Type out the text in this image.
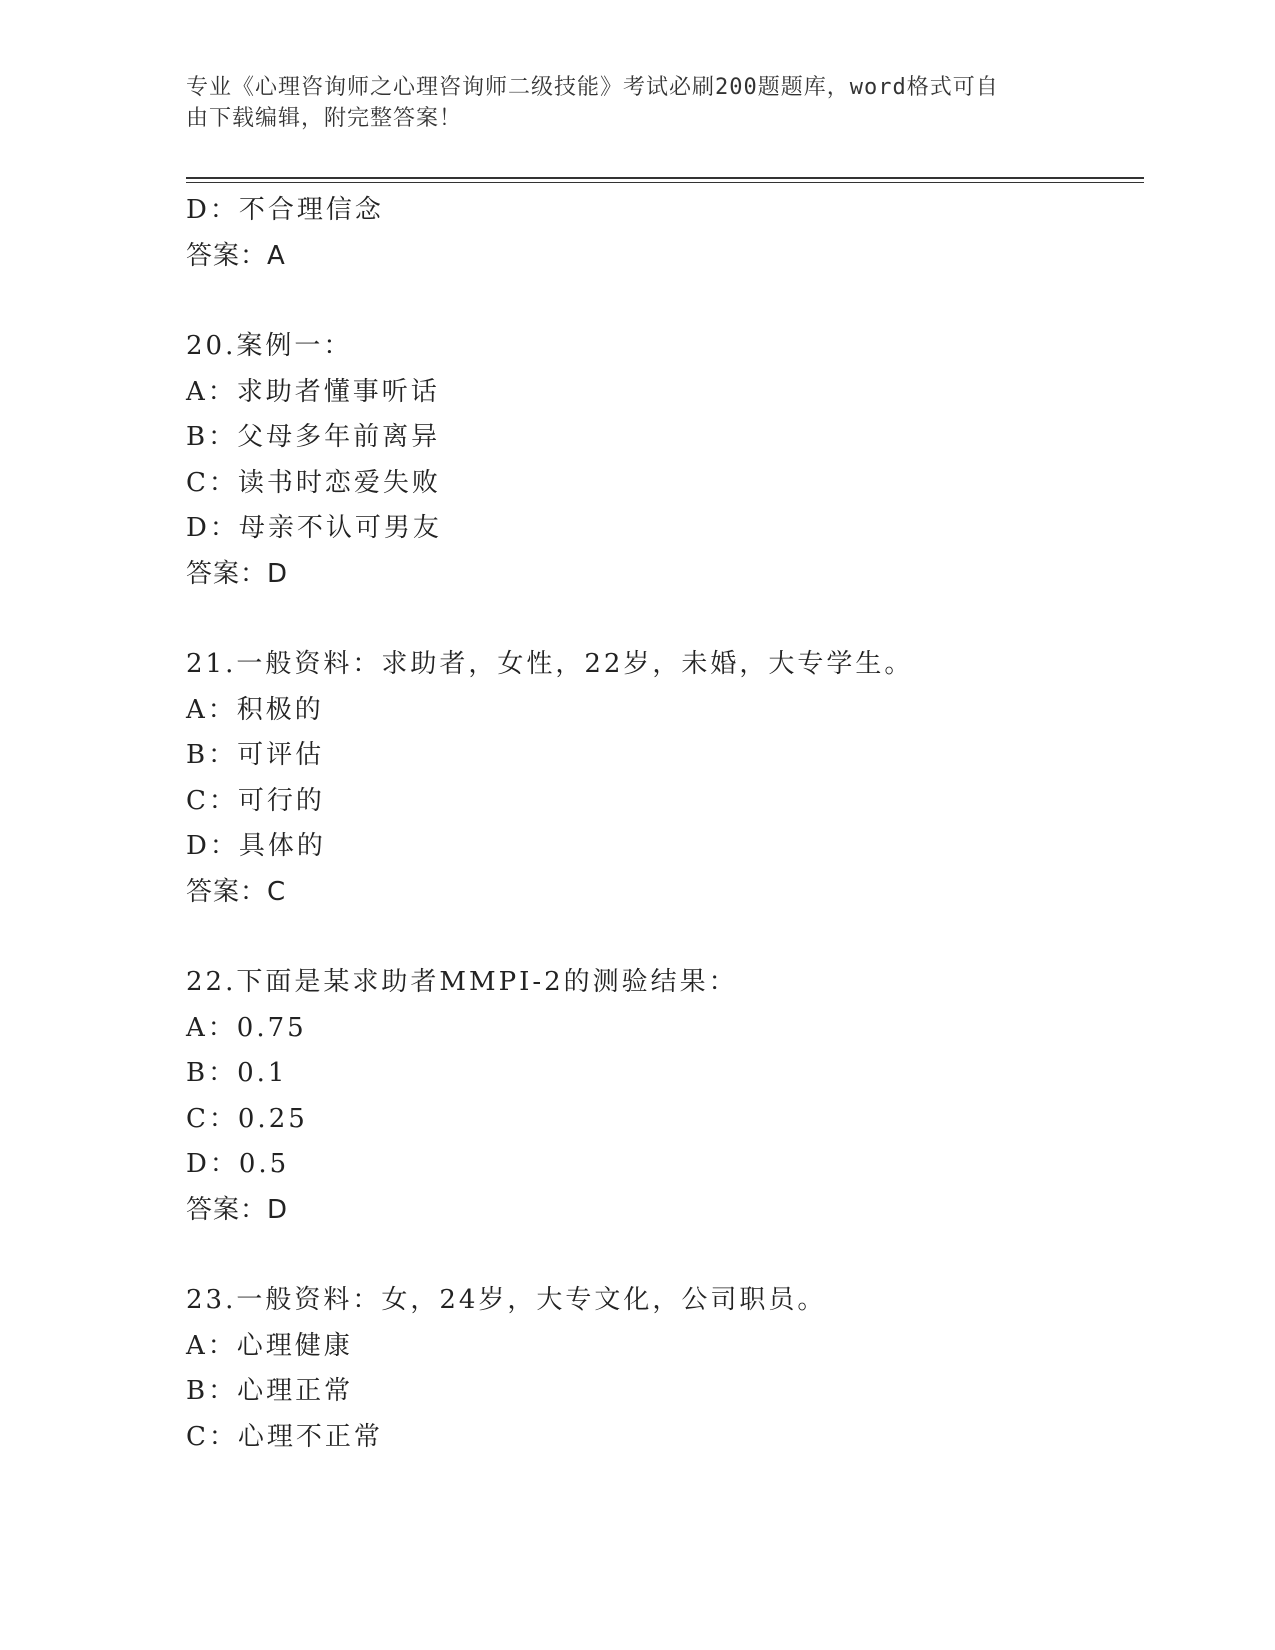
专业《心理咨询师之心理咨询师二级技能》考试必刷200题题库，word格式可自
由下载编辑，附完整答案！
D：不合理信念
答案：A
20.案例一：
A：求助者懂事听话
B：父母多年前离异
C：读书时恋爱失败
D：母亲不认可男友
答案：D
21.一般资料：求助者，女性，22岁，未婚，大专学生。
A：积极的
B：可评估
C：可行的
D：具体的
答案：C
22.下面是某求助者MMPI-2的测验结果：
A：0.75
B：0.1
C：0.25
D：0.5
答案：D
23.一般资料：女，24岁，大专文化，公司职员。
A：心理健康
B：心理正常
C：心理不正常
